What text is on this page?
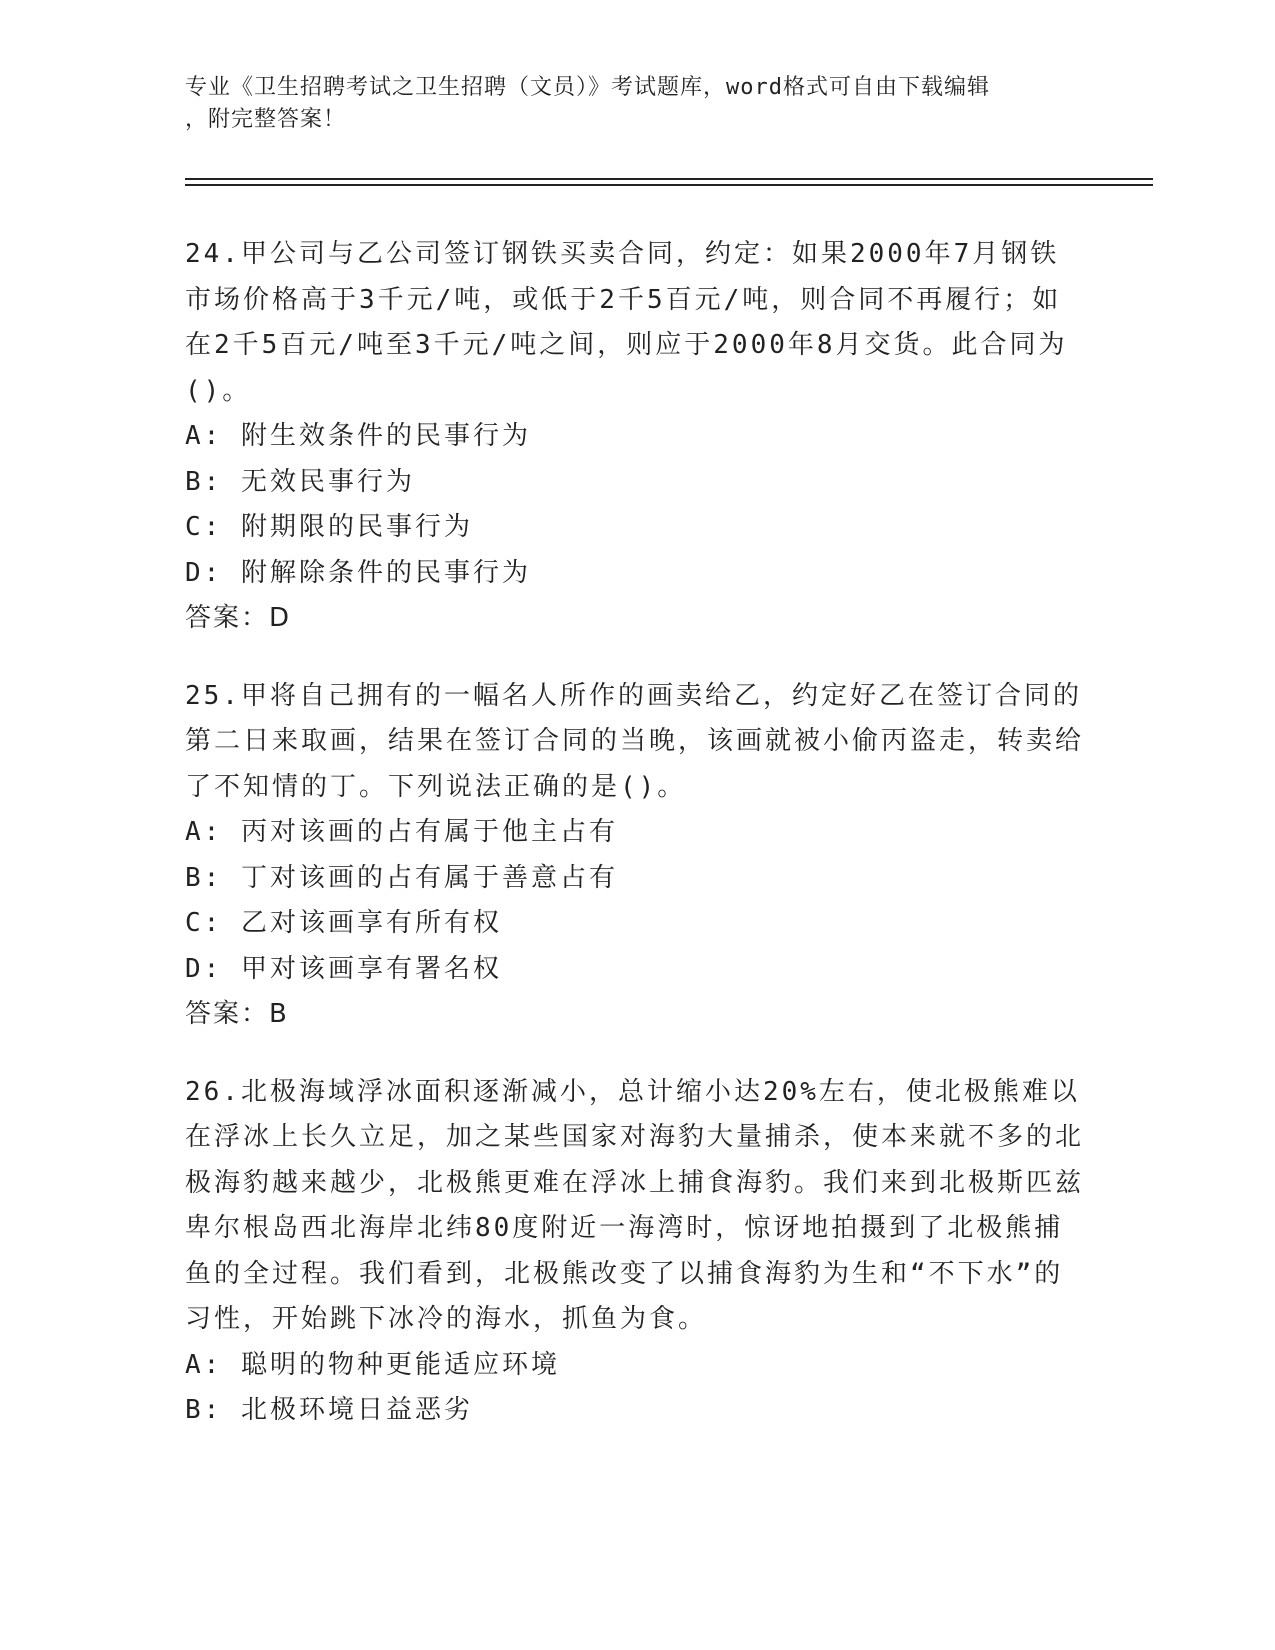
专业《卫生招聘考试之卫生招聘（文员）》考试题库，word格式可自由下载编辑
，附完整答案！

24.甲公司与乙公司签订钢铁买卖合同，约定：如果2000年7月钢铁市场价格高于3千元/吨，或低于2千5百元/吨，则合同不再履行；如在2千5百元/吨至3千元/吨之间，则应于2000年8月交货。此合同为()。

A: 附生效条件的民事行为

B: 无效民事行为

C: 附期限的民事行为

D: 附解除条件的民事行为

答案：D

25.甲将自己拥有的一幅名人所作的画卖给乙，约定好乙在签订合同的第二日来取画，结果在签订合同的当晚，该画就被小偷丙盗走，转卖给了不知情的丁。下列说法正确的是()。

A: 丙对该画的占有属于他主占有

B: 丁对该画的占有属于善意占有

C: 乙对该画享有所有权

D: 甲对该画享有署名权

答案：B

26.北极海域浮冰面积逐渐减小，总计缩小达20%左右，使北极熊难以在浮冰上长久立足，加之某些国家对海豹大量捕杀，使本来就不多的北极海豹越来越少，北极熊更难在浮冰上捕食海豹。我们来到北极斯匹兹卑尔根岛西北海岸北纬80度附近一海湾时，惊讶地拍摄到了北极熊捕鱼的全过程。我们看到，北极熊改变了以捕食海豹为生和“不下水”的习性，开始跳下冰冷的海水，抓鱼为食。

A: 聪明的物种更能适应环境

B: 北极环境日益恶劣
